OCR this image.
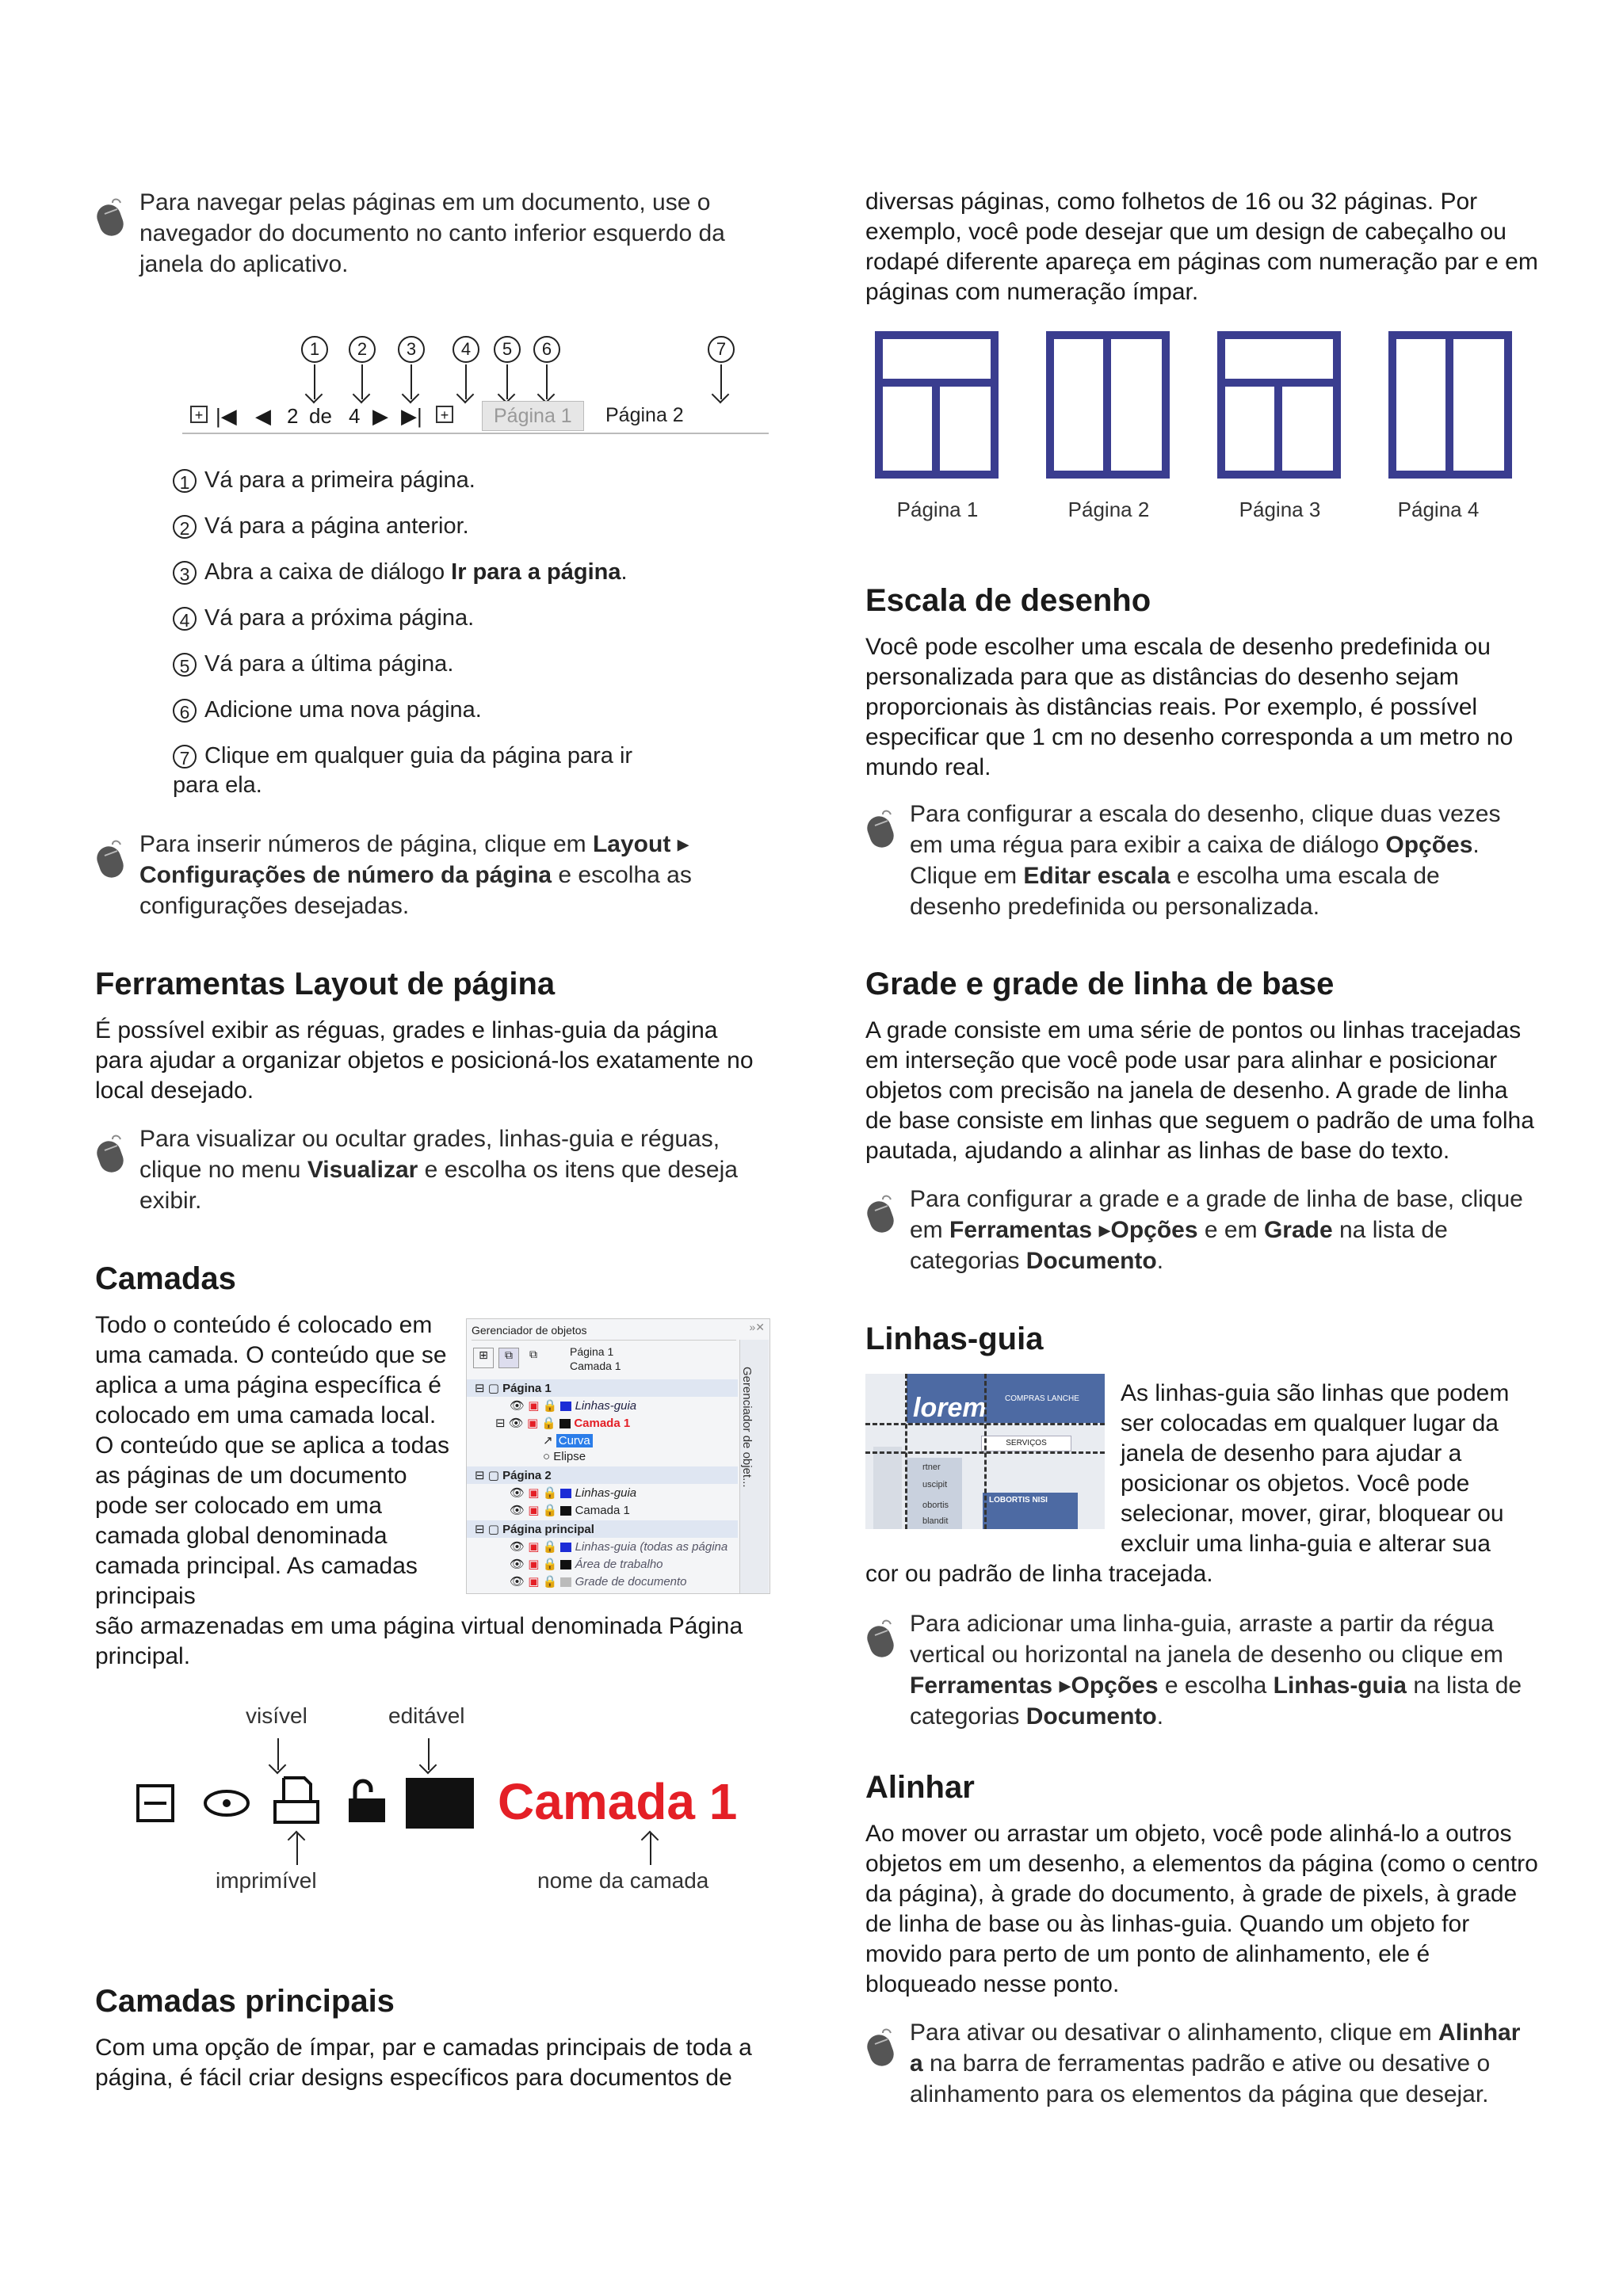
Para navegar pelas páginas em um documento, use o navegador do documento no canto inferior esquerdo da janela do aplicativo.
1	2	3	4	5	6	7
+ |◀ ◀ 2 de 4 ▶ ▶|	+	Página 1	Página 2
1 Vá para a primeira página.
2 Vá para a página anterior.
3 Abra a caixa de diálogo Ir para a página.
4 Vá para a próxima página.
5 Vá para a última página.
6 Adicione uma nova página.
7 Clique em qualquer guia da página para ir para ela.
Para inserir números de página, clique em Layout ▸ Configurações de número da página e escolha as configurações desejadas.
Ferramentas Layout de página

É possível exibir as réguas, grades e linhas-guia da página para ajudar a organizar objetos e posicioná-los exatamente no local desejado.

Para visualizar ou ocultar grades, linhas-guia e réguas, clique no menu Visualizar e escolha os itens que deseja exibir.
Camadas

Todo o conteúdo é colocado em uma camada. O conteúdo que se aplica a uma página específica é colocado em uma camada local. O conteúdo que se aplica a todas as páginas de um documento pode ser colocado em uma camada global denominada camada principal. As camadas principais

são armazenadas em uma página virtual denominada Página principal.

Gerenciador de objetos	»✕
⊞	⧉	⧉	Página 1
Camada 1
⊟ ▢ Página 1
👁 ▣ 🔒  Linhas-guia
⊟ 👁 ▣ 🔒  Camada 1
↗ Curva
○ Elipse
⊟ ▢ Página 2
👁 ▣ 🔒  Linhas-guia
👁 ▣ 🔒  Camada 1
⊟ ▢ Página principal
👁 ▣ 🔒  Linhas-guia (todas as página
👁 ▣ 🔒  Área de trabalho
👁 ▣ 🔒  Grade de documento
Gerenciador de objet...
visível	editável
Camada 1
imprimível	nome da camada
Camadas principais

Com uma opção de ímpar, par e camadas principais de toda a página, é fácil criar designs específicos para documentos de

diversas páginas, como folhetos de 16 ou 32 páginas. Por exemplo, você pode desejar que um design de cabeçalho ou rodapé diferente apareça em páginas com numeração par e em páginas com numeração ímpar.

Página 1	Página 2	Página 3	Página 4
Escala de desenho

Você pode escolher uma escala de desenho predefinida ou personalizada para que as distâncias do desenho sejam proporcionais às distâncias reais. Por exemplo, é possível especificar que 1 cm no desenho corresponda a um metro no mundo real.

Para configurar a escala do desenho, clique duas vezes em uma régua para exibir a caixa de diálogo Opções. Clique em Editar escala e escolha uma escala de desenho predefinida ou personalizada.
Grade e grade de linha de base

A grade consiste em uma série de pontos ou linhas tracejadas em interseção que você pode usar para alinhar e posicionar objetos com precisão na janela de desenho. A grade de linha de base consiste em linhas que seguem o padrão de uma folha pautada, ajudando a alinhar as linhas de base do texto.

Para configurar a grade e a grade de linha de base, clique em Ferramentas ▸Opções e em Grade na lista de categorias Documento.
Linhas-guia
lorem COMPRAS LANCHE
SERVIÇOS
rtner
uscipit
obortis
blandit
LOBORTIS NISI

As linhas-guia são linhas que podem ser colocadas em qualquer lugar da janela de desenho para ajudar a posicionar os objetos. Você pode selecionar, mover, girar, bloquear ou excluir uma linha-guia e alterar sua

cor ou padrão de linha tracejada.

Para adicionar uma linha-guia, arraste a partir da régua vertical ou horizontal na janela de desenho ou clique em Ferramentas ▸Opções e escolha Linhas-guia na lista de categorias Documento.
Alinhar

Ao mover ou arrastar um objeto, você pode alinhá-lo a outros objetos em um desenho, a elementos da página (como o centro da página), à grade do documento, à grade de pixels, à grade de linha de base ou às linhas-guia. Quando um objeto for movido para perto de um ponto de alinhamento, ele é bloqueado nesse ponto.

Para ativar ou desativar o alinhamento, clique em Alinhar a na barra de ferramentas padrão e ative ou desative o alinhamento para os elementos da página que desejar.
